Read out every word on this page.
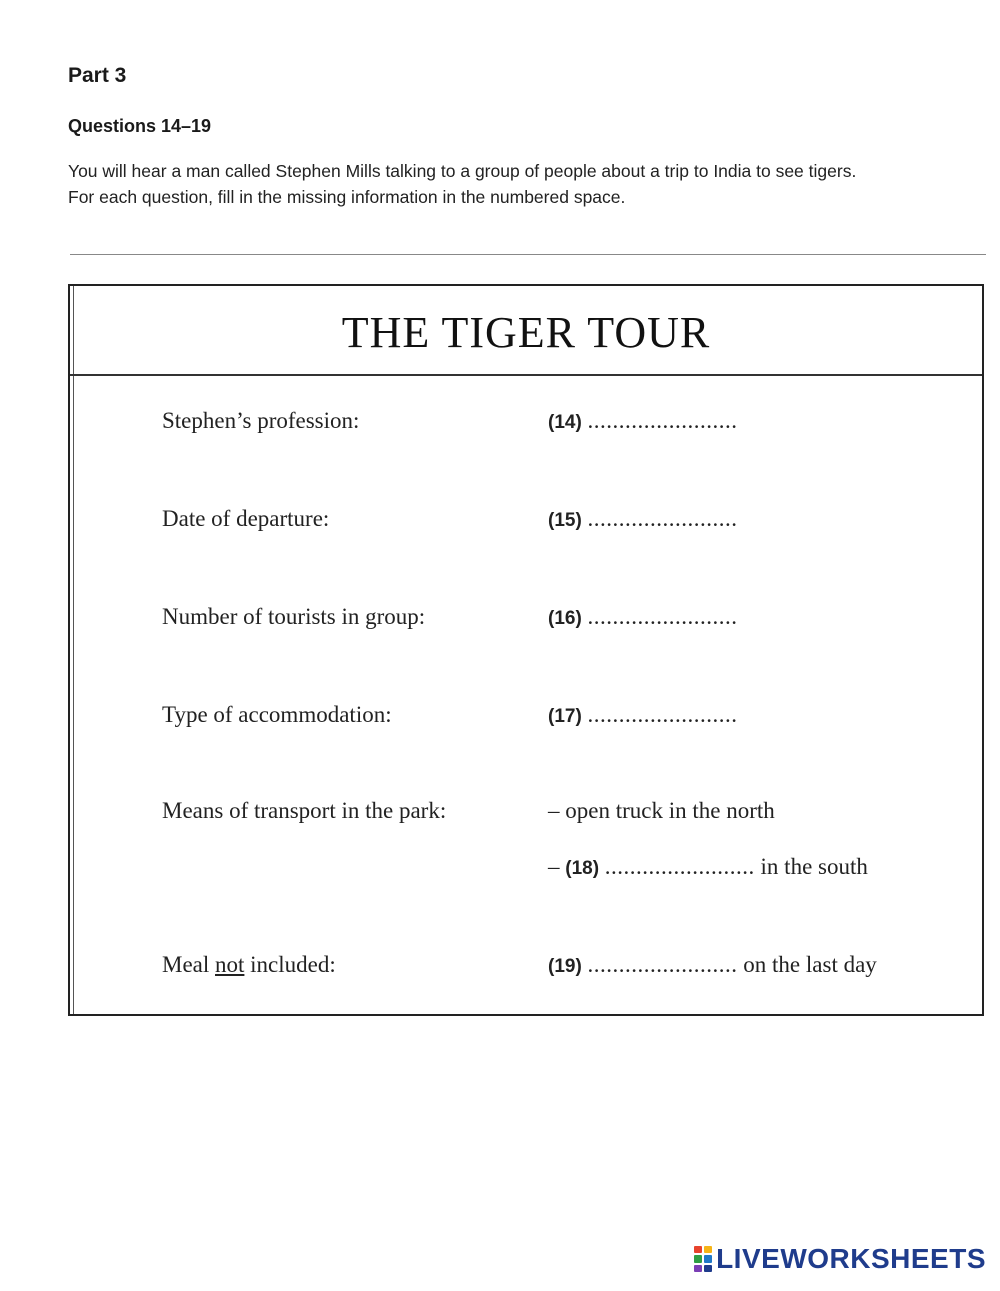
Part 3
Questions 14–19

You will hear a man called Stephen Mills talking to a group of people about a trip to India to see tigers.

For each question, fill in the missing information in the numbered space.

THE TIGER TOUR
Stephen’s profession:	(14) ........................
Date of departure:	(15) ........................
Number of tourists in group:	(16) ........................
Type of accommodation:	(17) ........................
Means of transport in the park:	– open truck in the north
– (18) ........................ in the south
Meal not included:	(19) ........................ on the last day
LIVEWORKSHEETS
